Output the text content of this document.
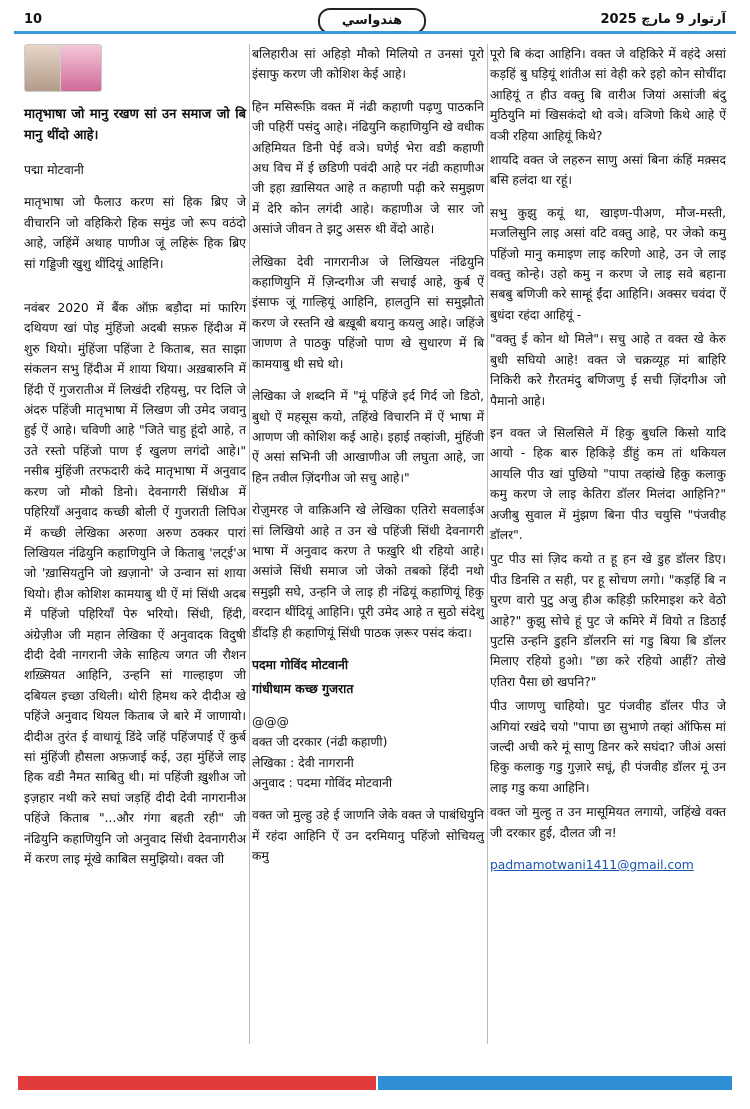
10	هندواسي	آرتوار 9 مارچ 2025
मातृभाषा जो मानु रखण सां उन समाज जो बि मानु थींदो आहे।

पद्मा मोटवानी

मातृभाषा जो फैलाउ करण सां हिक ब्रिए जे वीचारनि जो वहिकिरो हिक समुंड जो रूप वठंदो आहे, जहिंमें अथाह पाणीअ जूं लहिरूं हिक ब्रिए सां गड्डिजी खुशु थींदियूं आहिनि।

नवंबर 2020 में बैंक ऑफ़ बड़ौदा मां फारिग दथियण खां पोइ मुंहिंजो अदबी सफ़रु हिंदीअ में शुरु थियो। मुंहिंजा पहिंजा टे किताब, सत साझा संकलन सभु हिंदीअ में शाया थिया। अख़बारुनि में हिंदी ऐं गुजरातीअ में लिखंदी रहियसु, पर दिलि जे अंदरु पहिंजी मातृभाषा में लिखण जी उमेद जवानु हुई ऐं आहे। चविणी आहे "जिते चाहु हूंदो आहे, त उते रस्तो पहिंजो पाण ई खुलण लगंदो आहे।" नसीब मुंहिंजी तरफदारी कंदे मातृभाषा में अनुवाद करण जो मौको डिनो। देवनागरी सिंधीअ में पहिरियाँ अनुवाद कच्छी बोली ऐं गुजराती लिपिअ में कच्छी लेखिका अरुणा अरुण ठक्कर पारां लिखियल नंढियुनि कहाणियुनि जे किताबु 'लट्ई'अ जो 'ख़ासियतुनि जो ख़ज़ानो' जे उन्वान सां शाया थियो। हीअ कोशिश कामयाबु थी ऐं मां सिंधी अदब में पहिंजो पहिरियाँ पेरु भरियो। सिंधी, हिंदी, अंग्रेज़ीअ जी महान लेखिका ऐं अनुवादक विदुषी दीदी देवी नागरानी जेके साहित्य जगत जी रौशन शख़्सियत आहिनि, उन्हनि सां गाल्हाइण जी दबियल इच्छा उथिली। थोरी हिमथ करे दीदीअ खे पहिंजे अनुवाद थियल किताब जे बारे में जाणायो। दीदीअ तुरंत ई वाधायूं डिंदे जहिं पहिंजपाई ऐं कुर्ब सां मुंहिंजी हौसला अफ़जाई कई, उहा मुंहिंजे लाइ हिक वडी नैमत साबितु थी। मां पहिंजी ख़ुशीअ जो इज़हार नथी करे सघां जड़हिं दीदी देवी नागरानीअ पहिंजे किताब "...और गंगा बहती रही" जी नंढियुनि कहाणियुनि जो अनुवाद सिंधी देवनागरीअ में करण लाइ मूंखे काबिल समुझियो। वक्त जी

बलिहारीअ सां अहिड़ो मौको मिलियो त उनसां पूरो इंसाफु करण जी कोशिश केई आहे।

हिन मसिरूफ़ि वक्त में नंढी कहाणी पढ़णु पाठकनि जी पहिरीं पसंदु आहे। नंढियुनि कहाणियुनि खे वधीक अहिमियत डिनी पेई वञे। घणेई भेरा वडी कहाणी अध विच में ई छडिणी पवंदी आहे पर नंढी कहाणीअ जी इहा ख़ासियत आहे त कहाणी पढ़ी करे समुझण में देरि कोन लगंदी आहे। कहाणीअ जे सार जो असांजे जीवन ते झटु असरु थी वेंदो आहे।

लेखिका देवी नागरानीअ जे लिखियल नंढियुनि कहाणियुनि में ज़िन्दगीअ जी सचाई आहे, कुर्ब ऐं इंसाफ जूं गाल्हियूं आहिनि, हालतुनि सां समुझौतो करण जे रस्तनि खे बख़ूबी बयानु कयलु आहे। जहिंजे जाणण ते पाठकु पहिंजो पाण खे सुधारण में बि कामयाबु थी सघे थो।

लेखिका जे शब्दनि में "मूं पहिंजे इर्द गिर्द जो डिठो, बुधो ऐं महसूस कयो, तहिंखे विचारनि में ऐं भाषा में आणण जी कोशिश कई आहे। इहाई तव्हांजी, मुंहिंजी ऐं असां सभिनी जी आखाणीअ जी लघुता आहे, जा हिन तवील ज़िंदगीअ जो सचु आहे।"

रोज़ुमरह जे वाक़िअनि खे लेखिका एतिरो सवलाईअ सां लिखियो आहे त उन खे पहिंजी सिंधी देवनागरी भाषा में अनुवाद करण ते फख़ुरि थी रहियो आहे। असांजे सिंधी समाज जो जेको तबको हिंदी नथो समुझी सघे, उन्हनि जे लाइ ही नंढियूं कहाणियूं हिकु वरदान थींदियूं आहिनि। पूरी उमेद आहे त सुठो संदेशु डींदड़ि ही कहाणियूं सिंधी पाठक ज़रूर पसंद कंदा।

पदमा गोविंद मोटवानी

गांधीधाम कच्छ गुजरात

@@@

वक्त जी दरकार (नंढी कहाणी)

लेखिका : देवी नागरानी

अनुवाद : पदमा गोविंद मोटवानी

वक्त जो मुल्हु उहे ई जाणनि जेके वक्त जे पाबंधियुनि में रहंदा आहिनि ऐं उन दरमियानु पहिंजो सोचियलु कमु

पूरो बि कंदा आहिनि। वक्त जे वहिकिरे में वहंदे असां कड़हिं बु घड़ियूं शांतीअ सां वेही करे इहो कोन सोचींदा आहियूं त हीउ वक्तु बि वारीअ जियां असांजी बंदु मुठियुनि मां खिसकंदो थो वञे। वञिणो किथे आहे ऐं वञी रहिया आहियूं किथे?

शायदि वक्त जे लहरुन साणु असां बिना कंहिं मक़्सद बसि हलंदा था रहूं।

सभु कुझु कयूं था, खाइण-पीअण, मौज-मस्ती, मजलिसुनि लाइ असां वटि वक्तु आहे, पर जेको कमु पहिंजो मानु कमाइण लाइ करिणो आहे, उन जे लाइ वक्तु कोन्हे। उहो कमु न करण जे लाइ सवे बहाना सबबु बणिजी करे साम्हूं ईंदा आहिनि। अक्सर चवंदा ऐं बुधंदा रहंदा आहियूं -

"वक्तु ई कोन थो मिले"। सचु आहे त वक्त खे केरु बुधी सघियो आहे! वक्त जे चक्रव्यूह मां बाहिरि निकिरी करे ग़ैरतमंदु बणिजणु ई सची ज़िंदगीअ जो पैमानो आहे।

इन वक्त जे सिलसिले में हिकु बुधलि किसो यादि आयो - हिक बारु हिकिड़े डींहुं कम तां थकियल आयलि पीउ खां पुछियो "पापा तव्हांखे हिकु कलाकु कमु करण जे लाइ केतिरा डॉलर मिलंदा आहिनि?" अजीबु सुवाल में मुंझण बिना पीउ चयुसि "पंजवीह डॉलर".

पुट पीउ सां ज़िद कयो त हू हन खे डुह डॉलर डिए। पीउ डिनसि त सही, पर हू सोचण लगो। "कड़हिं बि न घुरण वारो पुटु अजु हीअ कहिड़ी फ़रिमाइश करे वेठो आहे?" कुझु सोचे हूं पुट जे कमिरे में वियो त डिठाईं पुटसि उन्हनि डुहनि डॉलरनि सां गडु बिया बि डॉलर मिलाए रहियो हुओ। "छा करे रहियो आहीं? तोखे एतिरा पैसा छो खपनि?"

पीउ जाणणु चाहियो। पुट पंजवीह डॉलर पीउ जे अगियां रखंदे चयो "पापा छा सुभाणे तव्हां ऑफिस मां जल्दी अची करे मूं साणु डिनर करे सघंदा? जीअं असां हिकु कलाकु गडु गुज़ारे सघूं, ही पंजवीह डॉलर मूं उन लाइ गडु कया आहिनि।

वक्त जो मुल्हु त उन मासूमियत लगायो, जहिंखे वक्त जी दरकार हुई, दौलत जी न!

padmamotwani1411@gmail.com
